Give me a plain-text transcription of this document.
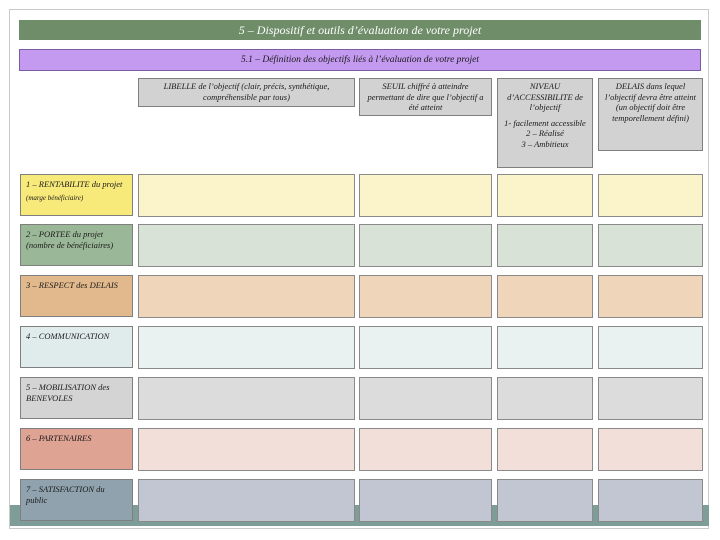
5 – Dispositif et outils d’évaluation de votre projet
5.1 – Définition des objectifs liés à l’évaluation de votre projet
LIBELLE de l’objectif (clair, précis, synthétique, compréhensible par tous)
SEUIL chiffré à atteindre permettant de dire que l’objectif a été atteint
NIVEAU d’ACCESSIBILITE de l’objectif
1- facilement accessible
2 – Réalisé
3 – Ambitieux
DELAIS dans lequel l’objectif devra être atteint (un objectif doit être temporellement défini)
1 – RENTABILITE du projet
(marge bénéficiaire)
2 – PORTEE du projet (nombre de bénéficiaires)
3 – RESPECT des DELAIS
4 – COMMUNICATION
5 – MOBILISATION des BENEVOLES
6 – PARTENAIRES
7 – SATISFACTION du public
